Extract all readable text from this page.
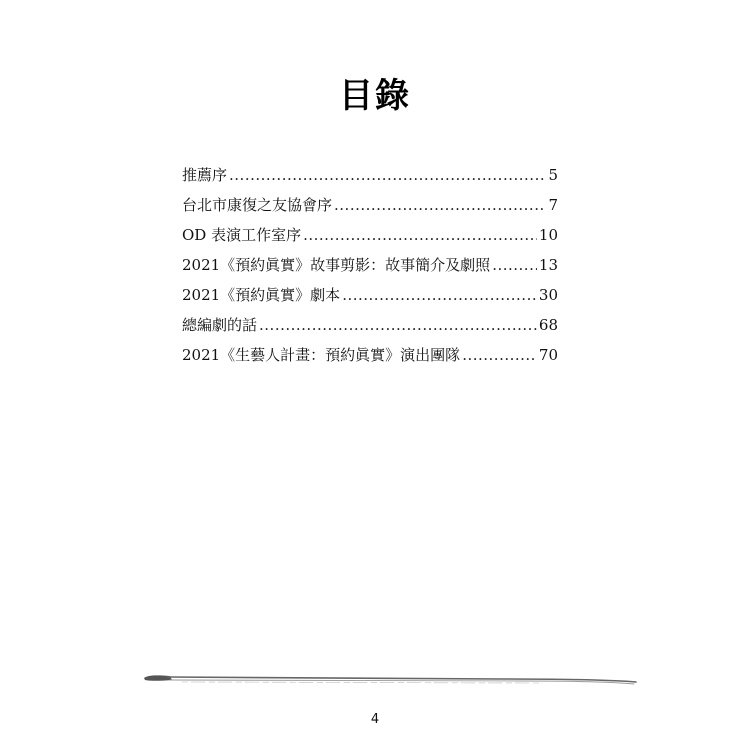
目錄
推薦序 .....	5
台北市康復之友協會序 .....	7
OD 表演工作室序 .....	10
2021《預約眞實》故事剪影：故事簡介及劇照 .....	13
2021《預約眞實》劇本 .....	30
總編劇的話 .....	68
2021《生藝人計畫：預約眞實》演出團隊 .....	70
4
